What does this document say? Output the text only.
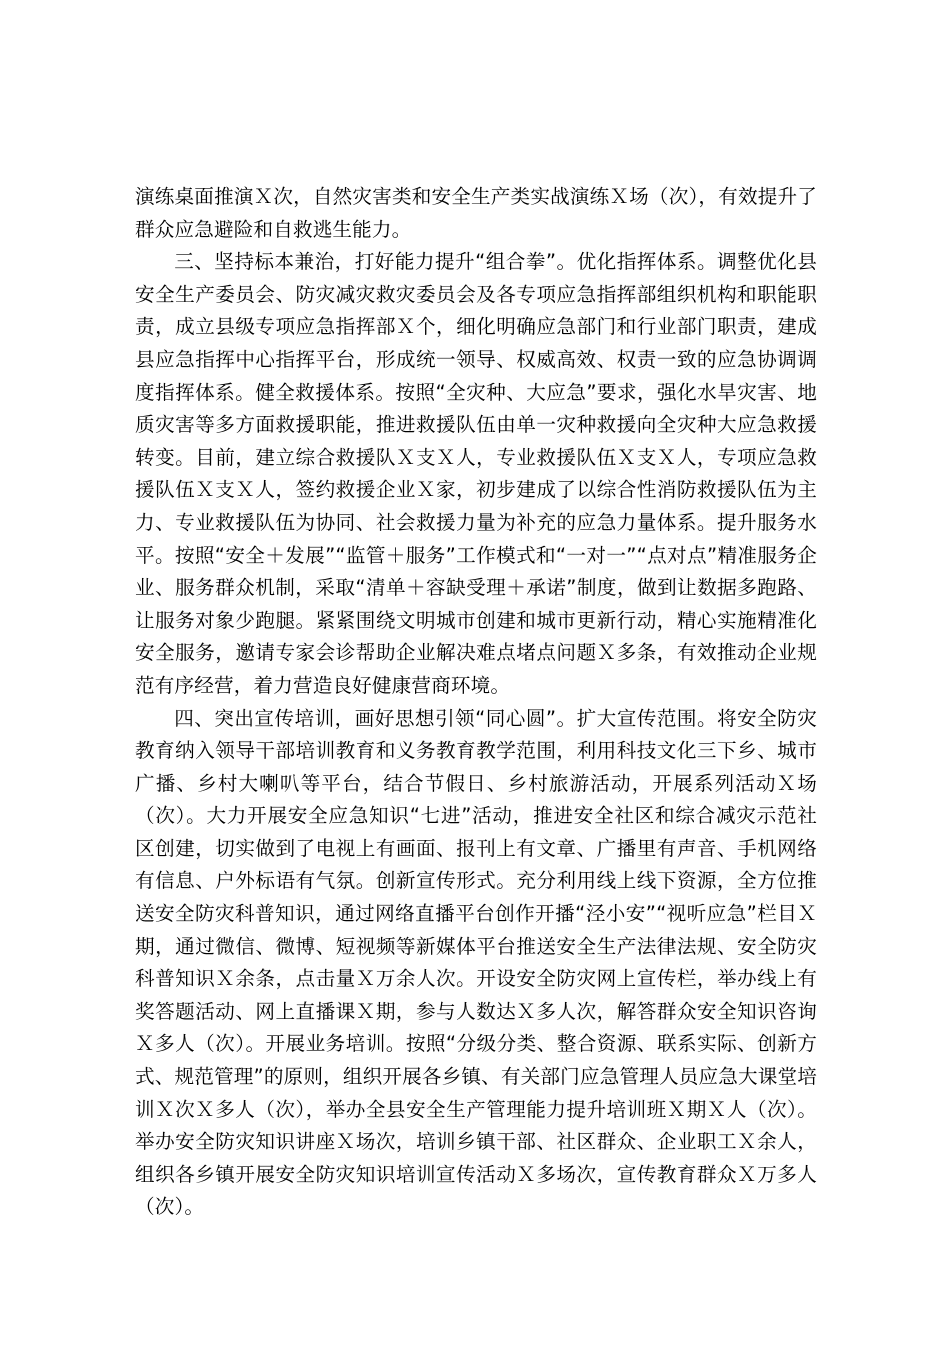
演练桌面推演Ｘ次，自然灾害类和安全生产类实战演练Ｘ场（次），有效提升了群众应急避险和自救逃生能力。

三、坚持标本兼治，打好能力提升“组合拳”。优化指挥体系。调整优化县安全生产委员会、防灾减灾救灾委员会及各专项应急指挥部组织机构和职能职责，成立县级专项应急指挥部Ｘ个，细化明确应急部门和行业部门职责，建成县应急指挥中心指挥平台，形成统一领导、权威高效、权责一致的应急协调调度指挥体系。健全救援体系。按照“全灾种、大应急”要求，强化水旱灾害、地质灾害等多方面救援职能，推进救援队伍由单一灾种救援向全灾种大应急救援转变。目前，建立综合救援队Ｘ支Ｘ人，专业救援队伍Ｘ支Ｘ人，专项应急救援队伍Ｘ支Ｘ人，签约救援企业Ｘ家，初步建成了以综合性消防救援队伍为主力、专业救援队伍为协同、社会救援力量为补充的应急力量体系。提升服务水平。按照“安全＋发展”“监管＋服务”工作模式和“一对一”“点对点”精准服务企业、服务群众机制，采取“清单＋容缺受理＋承诺”制度，做到让数据多跑路、让服务对象少跑腿。紧紧围绕文明城市创建和城市更新行动，精心实施精准化安全服务，邀请专家会诊帮助企业解决难点堵点问题Ｘ多条，有效推动企业规范有序经营，着力营造良好健康营商环境。

四、突出宣传培训，画好思想引领“同心圆”。扩大宣传范围。将安全防灾教育纳入领导干部培训教育和义务教育教学范围，利用科技文化三下乡、城市广播、乡村大喇叭等平台，结合节假日、乡村旅游活动，开展系列活动Ｘ场（次）。大力开展安全应急知识“七进”活动，推进安全社区和综合减灾示范社区创建，切实做到了电视上有画面、报刊上有文章、广播里有声音、手机网络有信息、户外标语有气氛。创新宣传形式。充分利用线上线下资源，全方位推送安全防灾科普知识，通过网络直播平台创作开播“泾小安”“视听应急”栏目Ｘ期，通过微信、微博、短视频等新媒体平台推送安全生产法律法规、安全防灾科普知识Ｘ余条，点击量Ｘ万余人次。开设安全防灾网上宣传栏，举办线上有奖答题活动、网上直播课Ｘ期，参与人数达Ｘ多人次，解答群众安全知识咨询Ｘ多人（次）。开展业务培训。按照“分级分类、整合资源、联系实际、创新方式、规范管理”的原则，组织开展各乡镇、有关部门应急管理人员应急大课堂培训Ｘ次Ｘ多人（次），举办全县安全生产管理能力提升培训班Ｘ期Ｘ人（次）。举办安全防灾知识讲座Ｘ场次，培训乡镇干部、社区群众、企业职工Ｘ余人，组织各乡镇开展安全防灾知识培训宣传活动Ｘ多场次，宣传教育群众Ｘ万多人（次）。
